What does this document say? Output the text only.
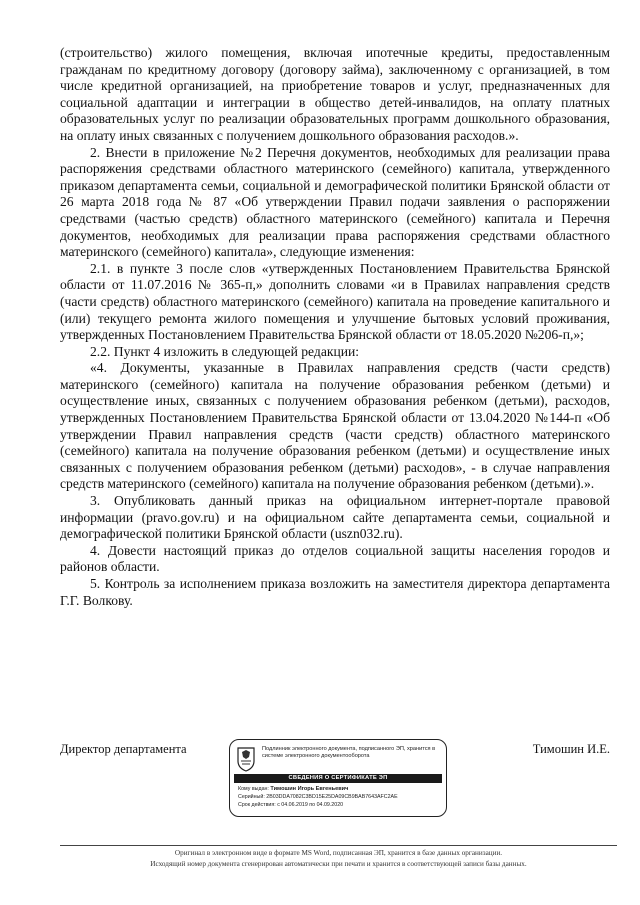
(строительство) жилого помещения, включая ипотечные кредиты, предоставленным гражданам по кредитному договору (договору займа), заключенному с организацией, в том числе кредитной организацией, на приобретение товаров и услуг, предназначенных для социальной адаптации и интеграции в общество детей-инвалидов, на оплату платных образовательных услуг по реализации образовательных программ дошкольного образования, на оплату иных связанных с получением дошкольного образования расходов.».

2. Внести в приложение №2 Перечня документов, необходимых для реализации права распоряжения средствами областного материнского (семейного) капитала, утвержденного приказом департамента семьи, социальной и демографической политики Брянской области от 26 марта 2018 года № 87 «Об утверждении Правил подачи заявления о распоряжении средствами (частью средств) областного материнского (семейного) капитала и Перечня документов, необходимых для реализации права распоряжения средствами областного материнского (семейного) капитала», следующие изменения:

2.1. в пункте 3 после слов «утвержденных Постановлением Правительства Брянской области от 11.07.2016 № 365-п,» дополнить словами «и в Правилах направления средств (части средств) областного материнского (семейного) капитала на проведение капитального и (или) текущего ремонта жилого помещения и улучшение бытовых условий проживания, утвержденных Постановлением Правительства Брянской области от 18.05.2020 №206-п,»;

2.2. Пункт 4 изложить в следующей редакции:

«4. Документы, указанные в Правилах направления средств (части средств) материнского (семейного) капитала на получение образования ребенком (детьми) и осуществление иных, связанных с получением образования ребенком (детьми), расходов, утвержденных Постановлением Правительства Брянской области от 13.04.2020 №144-п «Об утверждении Правил направления средств (части средств) областного материнского (семейного) капитала на получение образования ребенком (детьми) и осуществление иных связанных с получением образования ребенком (детьми) расходов», - в случае направления средств материнского (семейного) капитала на получение образования ребенком (детьми).».

3. Опубликовать данный приказ на официальном интернет-портале правовой информации (pravo.gov.ru) и на официальном сайте департамента семьи, социальной и демографической политики Брянской области (uszn032.ru).

4. Довести настоящий приказ до отделов социальной защиты населения городов и районов области.

5. Контроль за исполнением приказа возложить на заместителя директора департамента Г.Г. Волкову.

Директор департамента	Подлинник электронного документа, подписанного ЭП, хранится в системе электронного документооборота
СВЕДЕНИЯ О СЕРТИФИКАТЕ ЭП
Кому выдан: Тимошин Игорь Евгеньевич
Серийный: 2B03DDA7082C3BD15E25DA09CB9BAB7643AFC2AE
Срок действия: с 04.06.2019 по 04.09.2020
Тимошин И.Е.
Оригинал в электронном виде в формате MS Word, подписанная ЭП, хранится в базе данных организации.
Исходящий номер документа сгенерирован автоматически при печати и хранится в соответствующей записи базы данных.
